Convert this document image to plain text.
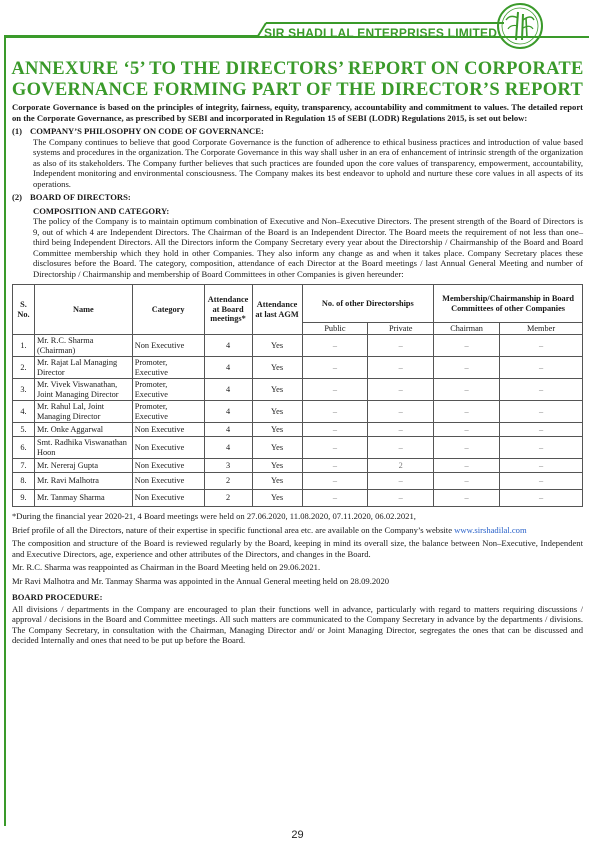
SIR SHADI LAL ENTERPRISES LIMITED
ANNEXURE ‘5’ TO THE DIRECTORS’ REPORT ON CORPORATE GOVERNANCE FORMING PART OF THE DIRECTOR’S REPORT

Corporate Governance is based on the principles of integrity, fairness, equity, transparency, accountability and commitment to values. The detailed report on the Corporate Governance, as prescribed by SEBI and incorporated in Regulation 15 of SEBI (LODR) Regulations 2015, is set out below:

(1) COMPANY’S PHILOSOPHY ON CODE OF GOVERNANCE:

The Company continues to believe that good Corporate Governance is the function of adherence to ethical business practices and introduction of value based systems and procedures in the organization. The Corporate Governance in this way shall usher in an era of enhancement of intrinsic strength of the organization as also of its stakeholders. The Company further believes that such practices are founded upon the core values of transparency, empowerment, accountability, Independent monitoring and environmental consciousness. The Company makes its best endeavor to uphold and nurture these core values in all aspects of its operations.

(2) BOARD OF DIRECTORS:
COMPOSITION AND CATEGORY:

The policy of the Company is to maintain optimum combination of Executive and Non–Executive Directors. The present strength of the Board of Directors is 9, out of which 4 are Independent Directors. The Chairman of the Board is an Independent Director. The Board meets the requirement of not less than one–third being Independent Directors. All the Directors inform the Company Secretary every year about the Directorship / Chairmanship of the Board and Board Committee membership which they hold in other Companies. They also inform any change as and when it takes place. Company Secretary places these disclosures before the Board. The category, composition, attendance of each Director at the Board meetings / last Annual General Meeting and number of Directorship / Chairmanship and membership of Board Committees in other Companies is given hereunder:

S. No.	Name	Category	Attendance at Board meetings*	Attendance at last AGM	No. of other Directorships		Membership/Chairmanship in Board Committees of other Companies	
					Public	Private	Chairman	Member
1.	Mr. R.C. Sharma (Chairman)	Non Executive	4	Yes	–	–	–	–
2.	Mr. Rajat Lal Managing Director	Promoter, Executive	4	Yes	–	–	–	–
3.	Mr. Vivek Viswanathan, Joint Managing Director	Promoter, Executive	4	Yes	–	–	–	–
4.	Mr. Rahul Lal, Joint Managing Director	Promoter, Executive	4	Yes	–	–	–	–
5.	Mr. Onke Aggarwal	Non Executive	4	Yes	–	–	–	–
6.	Smt. Radhika Viswanathan Hoon	Non Executive	4	Yes	–	–	–	–
7.	Mr. Nereraj Gupta	Non Executive	3	Yes	–	2	–	–
8.	Mr. Ravi Malhotra	Non Executive	2	Yes	–	–	–	–
9.	Mr. Tanmay Sharma	Non Executive	2	Yes	–	–	–	–

*During the financial year 2020-21, 4 Board meetings were held on 27.06.2020, 11.08.2020, 07.11.2020, 06.02.2021,

Brief profile of all the Directors, nature of their expertise in specific functional area etc. are available on the Company’s website www.sirshadilal.com

The composition and structure of the Board is reviewed regularly by the Board, keeping in mind its overall size, the balance between Non–Executive, Independent and Executive Directors, age, experience and other attributes of the Directors, and changes in the Board.

Mr. R.C. Sharma was reappointed as Chairman in the Board Meeting held on 29.06.2021.

Mr Ravi Malhotra and Mr. Tanmay Sharma was appointed in the Annual General meeting held on 28.09.2020

BOARD PROCEDURE:

All divisions / departments in the Company are encouraged to plan their functions well in advance, particularly with regard to matters requiring discussions / approval / decisions in the Board and Committee meetings. All such matters are communicated to the Company Secretary in advance by the departments / divisions. The Company Secretary, in consultation with the Chairman, Managing Director and/ or Joint Managing Director, segregates the ones that can be discussed and decided Internally and ones that need to be put up before the Board.

29
